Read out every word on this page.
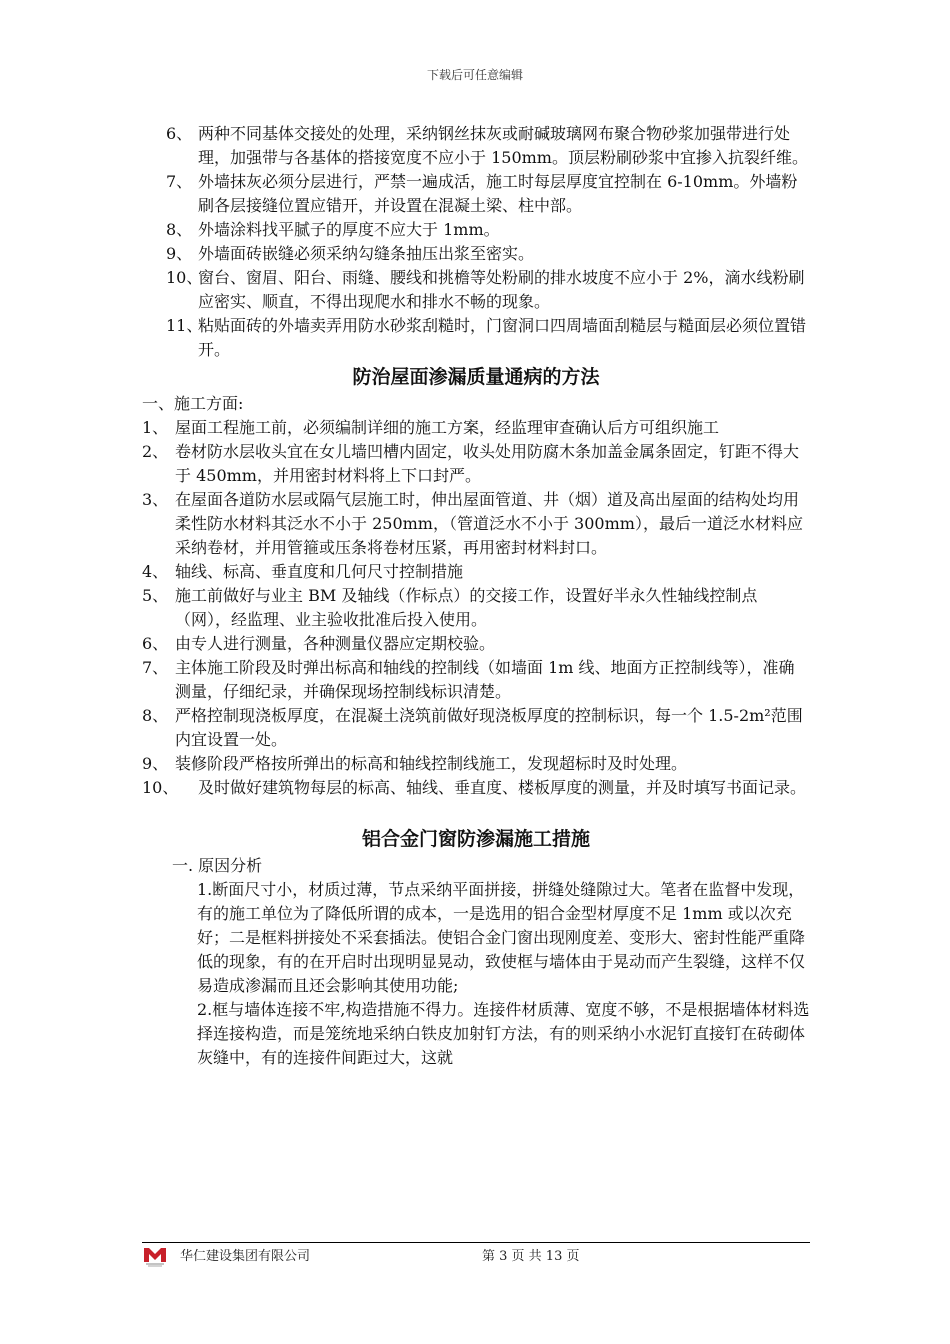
下载后可任意编辑

6、 两种不同基体交接处的处理，采纳钢丝抹灰或耐碱玻璃网布聚合物砂浆加强带进行处理，加强带与各基体的搭接宽度不应小于 150mm。顶层粉刷砂浆中宜掺入抗裂纤维。

7、 外墙抹灰必须分层进行，严禁一遍成活，施工时每层厚度宜控制在 6-10mm。外墙粉刷各层接缝位置应错开，并设置在混凝土梁、柱中部。

8、 外墙涂料找平腻子的厚度不应大于 1mm。

9、 外墙面砖嵌缝必须采纳勾缝条抽压出浆至密实。

10、
窗台、窗眉、阳台、雨缝、腰线和挑檐等处粉刷的排水坡度不应小于 2%，滴水线粉刷应密实、顺直，不得出现爬水和排水不畅的现象。

11、
粘贴面砖的外墙卖弄用防水砂浆刮糙时，门窗洞口四周墙面刮糙层与糙面层必须位置错开。

防治屋面渗漏质量通病的方法

一、施工方面:

1、 屋面工程施工前，必须编制详细的施工方案，经监理审查确认后方可组织施工

2、 卷材防水层收头宜在女儿墙凹槽内固定，收头处用防腐木条加盖金属条固定，钉距不得大于 450mm，并用密封材料将上下口封严。

3、 在屋面各道防水层或隔气层施工时，伸出屋面管道、井（烟）道及高出屋面的结构处均用柔性防水材料其泛水不小于 250mm，（管道泛水不小于 300mm），最后一道泛水材料应采纳卷材，并用管箍或压条将卷材压紧，再用密封材料封口。

4、 轴线、标高、垂直度和几何尺寸控制措施

5、 施工前做好与业主 BM 及轴线（作标点）的交接工作，设置好半永久性轴线控制点（网），经监理、业主验收批准后投入使用。

6、 由专人进行测量，各种测量仪器应定期校验。

7、 主体施工阶段及时弹出标高和轴线的控制线（如墙面 1m 线、地面方正控制线等），准确测量，仔细纪录，并确保现场控制线标识清楚。

8、 严格控制现浇板厚度，在混凝土浇筑前做好现浇板厚度的控制标识，每一个 1.5-2m²范围内宜设置一处。

9、 装修阶段严格按所弹出的标高和轴线控制线施工，发现超标时及时处理。

10、 及时做好建筑物每层的标高、轴线、垂直度、楼板厚度的测量，并及时填写书面记录。

铝合金门窗防渗漏施工措施

一. 原因分析

1.断面尺寸小，材质过薄，节点采纳平面拼接，拼缝处缝隙过大。笔者在监督中发现，有的施工单位为了降低所谓的成本，一是选用的铝合金型材厚度不足 1mm 或以次充好；二是框料拼接处不采套插法。使铝合金门窗出现刚度差、变形大、密封性能严重降低的现象，有的在开启时出现明显晃动，致使框与墙体由于晃动而产生裂缝，这样不仅易造成渗漏而且还会影响其使用功能;

2.框与墙体连接不牢,构造措施不得力。连接件材质薄、宽度不够，不是根据墙体材料选择连接构造，而是笼统地采纳白铁皮加射钉方法，有的则采纳小水泥钉直接钉在砖砌体灰缝中，有的连接件间距过大，这就

华仁建设集团有限公司	第 3 页 共 13 页
